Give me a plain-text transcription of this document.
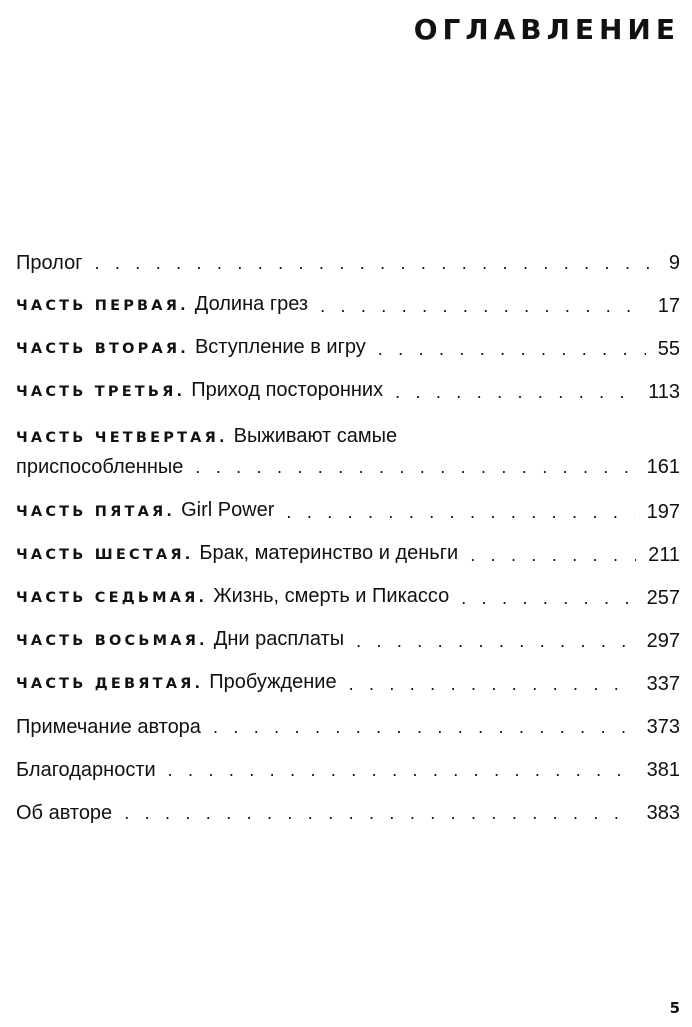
ОГЛАВЛЕНИЕ
Пролог . . .	9
ЧАСТЬ ПЕРВАЯ. Долина грез . . .	17
ЧАСТЬ ВТОРАЯ. Вступление в игру . . .	55
ЧАСТЬ ТРЕТЬЯ. Приход посторонних . . .	113
ЧАСТЬ ЧЕТВЕРТАЯ. Выживают самые
приспособленные . . .	161
ЧАСТЬ ПЯТАЯ. Girl Power . . .	197
ЧАСТЬ ШЕСТАЯ. Брак, материнство и деньги . . .	211
ЧАСТЬ СЕДЬМАЯ. Жизнь, смерть и Пикассо . . .	257
ЧАСТЬ ВОСЬМАЯ. Дни расплаты . . .	297
ЧАСТЬ ДЕВЯТАЯ. Пробуждение . . .	337
Примечание автора . . .	373
Благодарности . . .	381
Об авторе . . .	383
5
